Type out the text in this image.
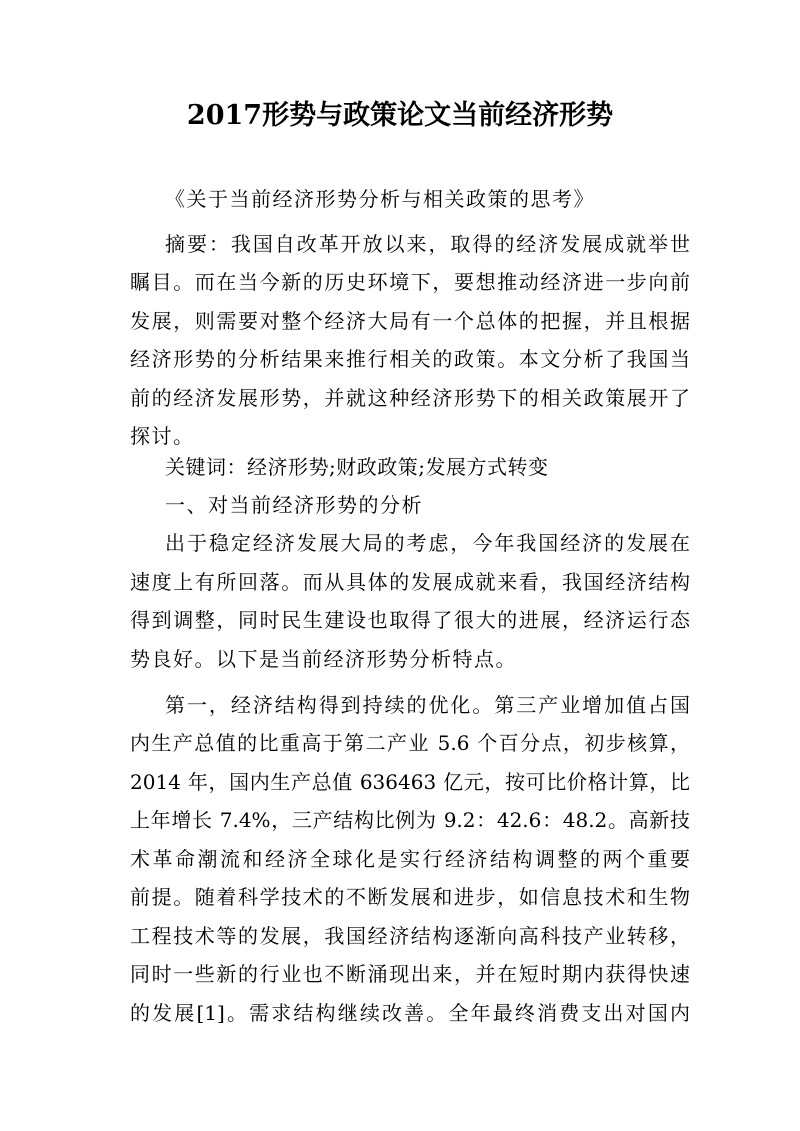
2017形势与政策论文当前经济形势
《关于当前经济形势分析与相关政策的思考》
摘要：我国自改革开放以来，取得的经济发展成就举世
瞩目。而在当今新的历史环境下，要想推动经济进一步向前
发展，则需要对整个经济大局有一个总体的把握，并且根据
经济形势的分析结果来推行相关的政策。本文分析了我国当
前的经济发展形势，并就这种经济形势下的相关政策展开了
探讨。
关键词：经济形势;财政政策;发展方式转变
一、对当前经济形势的分析
出于稳定经济发展大局的考虑，今年我国经济的发展在
速度上有所回落。而从具体的发展成就来看，我国经济结构
得到调整，同时民生建设也取得了很大的进展，经济运行态
势良好。以下是当前经济形势分析特点。
第一，经济结构得到持续的优化。第三产业增加值占国
内生产总值的比重高于第二产业 5.6 个百分点，初步核算，
2014 年，国内生产总值 636463 亿元，按可比价格计算，比
上年增长 7.4%，三产结构比例为 9.2：42.6：48.2。高新技
术革命潮流和经济全球化是实行经济结构调整的两个重要
前提。随着科学技术的不断发展和进步，如信息技术和生物
工程技术等的发展，我国经济结构逐渐向高科技产业转移，
同时一些新的行业也不断涌现出来，并在短时期内获得快速
的发展[1]。需求结构继续改善。全年最终消费支出对国内
